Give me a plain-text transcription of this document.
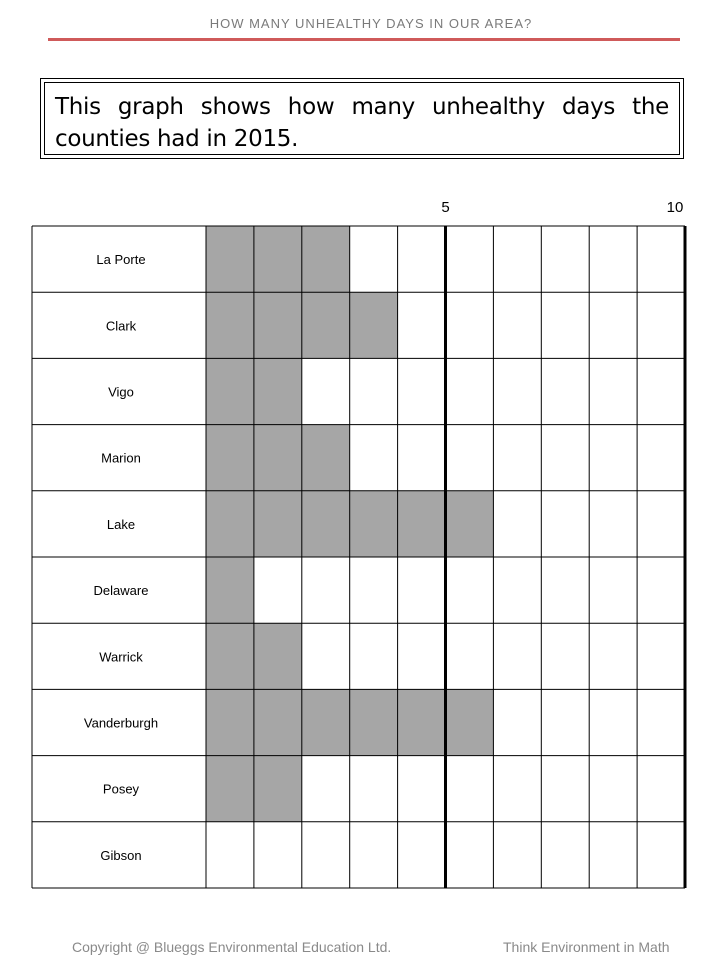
HOW MANY UNHEALTHY DAYS IN OUR AREA?
This graph shows how many unhealthy days the counties had in 2015.
La Porte
Clark
Vigo
Marion
Lake
Delaware
Warrick
Vanderburgh
Posey
Gibson
5	10
Copyright @ Blueggs Environmental Education Ltd.	Think Environment in Math
